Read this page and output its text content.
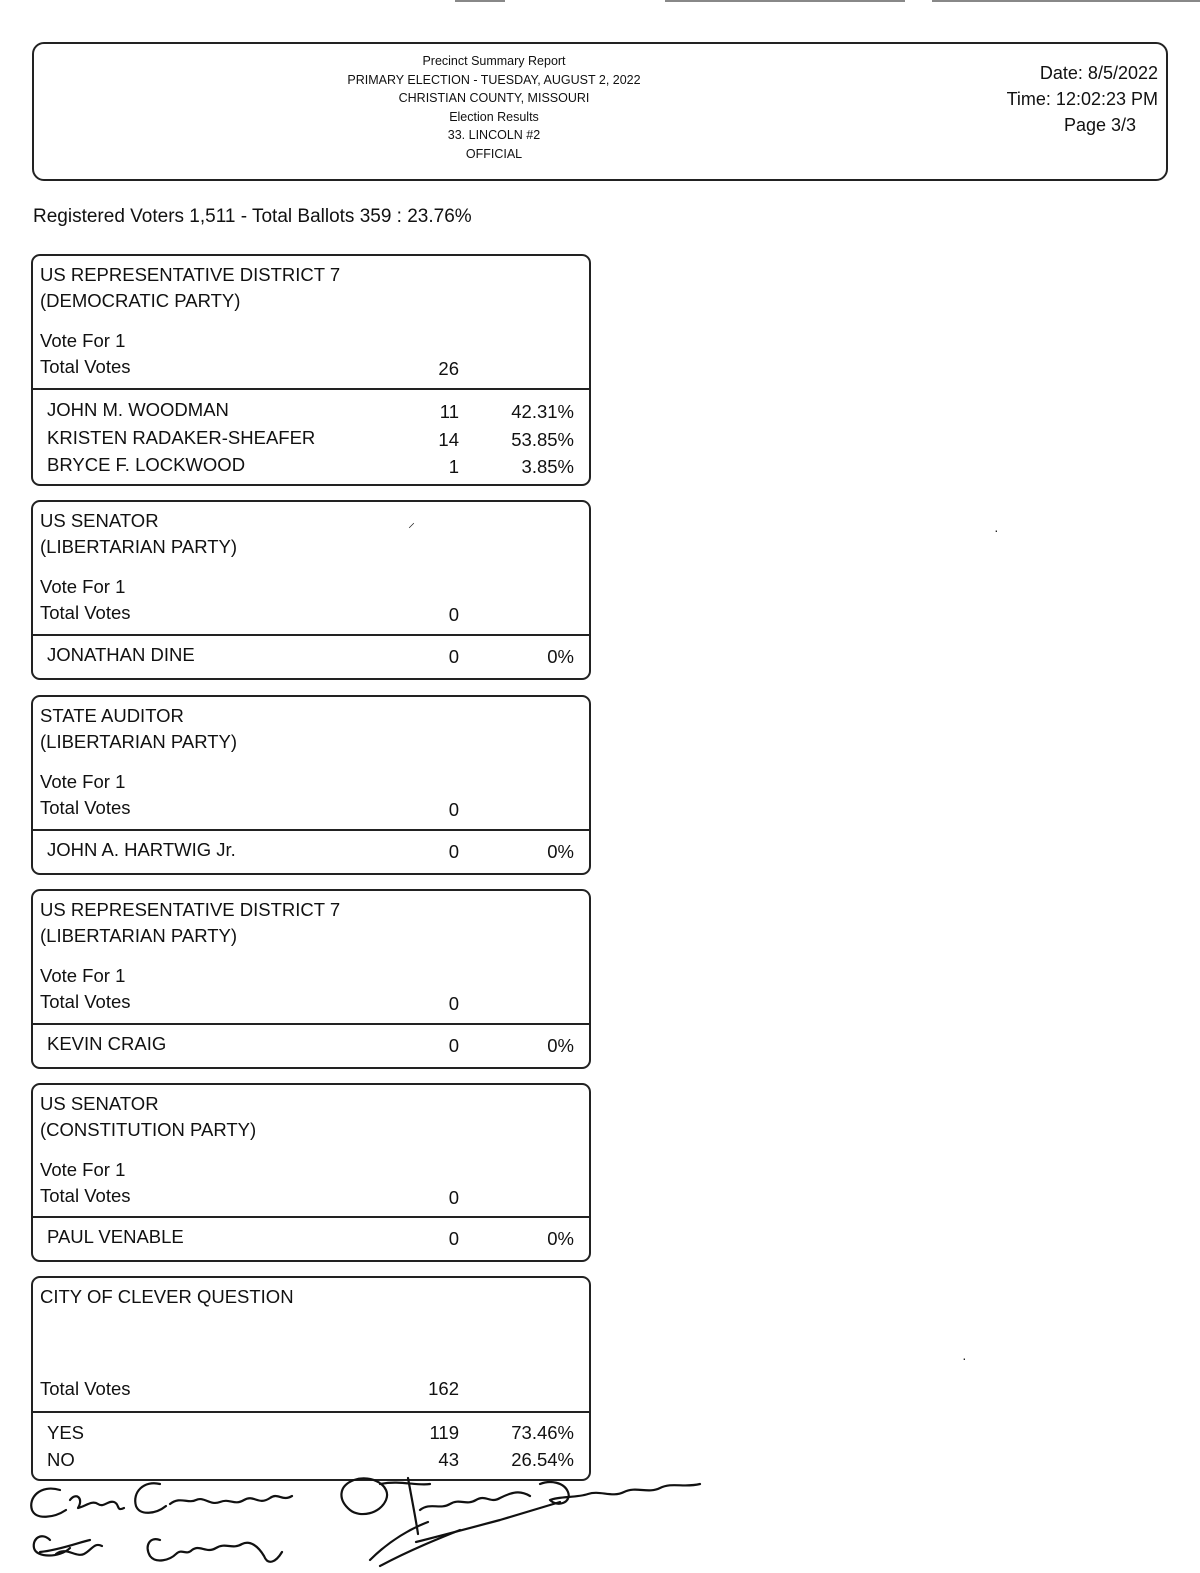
Precinct Summary Report
PRIMARY ELECTION - TUESDAY, AUGUST 2, 2022
CHRISTIAN COUNTY, MISSOURI
Election Results
33. LINCOLN #2
OFFICIAL
Date: 8/5/2022
Time: 12:02:23 PM
Page 3/3
Registered Voters 1,511 - Total Ballots 359 : 23.76%
US REPRESENTATIVE DISTRICT 7
(DEMOCRATIC PARTY)
Vote For 1
Total Votes	26
JOHN M. WOODMAN	11	42.31%
KRISTEN RADAKER-SHEAFER	14	53.85%
BRYCE F. LOCKWOOD	1	3.85%
US SENATOR
(LIBERTARIAN PARTY)
Vote For 1
Total Votes	0
JONATHAN DINE	0	0%
STATE AUDITOR
(LIBERTARIAN PARTY)
Vote For 1
Total Votes	0
JOHN A. HARTWIG Jr.	0	0%
US REPRESENTATIVE DISTRICT 7
(LIBERTARIAN PARTY)
Vote For 1
Total Votes	0
KEVIN CRAIG	0	0%
US SENATOR
(CONSTITUTION PARTY)
Vote For 1
Total Votes	0
PAUL VENABLE	0	0%
CITY OF CLEVER QUESTION
Total Votes	162
YES	119	73.46%
NO	43	26.54%
⸝	·
·
